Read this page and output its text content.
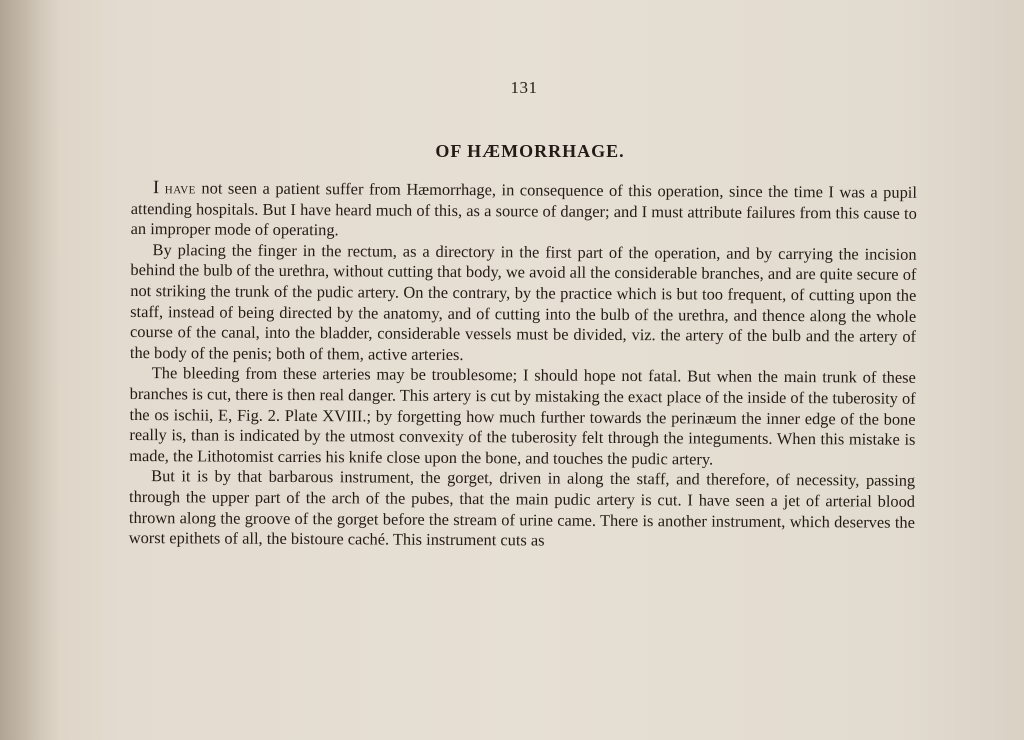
131
OF HÆMORRHAGE.

I have not seen a patient suffer from Hæmorrhage, in consequence of this operation, since the time I was a pupil attending hospitals. But I have heard much of this, as a source of danger; and I must attribute failures from this cause to an improper mode of operating.

By placing the finger in the rectum, as a directory in the first part of the operation, and by carrying the incision behind the bulb of the urethra, without cutting that body, we avoid all the considerable branches, and are quite secure of not striking the trunk of the pudic artery. On the contrary, by the practice which is but too frequent, of cutting upon the staff, instead of being directed by the anatomy, and of cutting into the bulb of the urethra, and thence along the whole course of the canal, into the bladder, considerable vessels must be divided, viz. the artery of the bulb and the artery of the body of the penis; both of them, active arteries.

The bleeding from these arteries may be troublesome; I should hope not fatal. But when the main trunk of these branches is cut, there is then real danger. This artery is cut by mistaking the exact place of the inside of the tuberosity of the os ischii, E, Fig. 2. Plate XVIII.; by forgetting how much further towards the perinæum the inner edge of the bone really is, than is indicated by the utmost convexity of the tuberosity felt through the integuments. When this mistake is made, the Lithotomist carries his knife close upon the bone, and touches the pudic artery.

But it is by that barbarous instrument, the gorget, driven in along the staff, and therefore, of necessity, passing through the upper part of the arch of the pubes, that the main pudic artery is cut. I have seen a jet of arterial blood thrown along the groove of the gorget before the stream of urine came. There is another instrument, which deserves the worst epithets of all, the bistoure caché. This instrument cuts as
